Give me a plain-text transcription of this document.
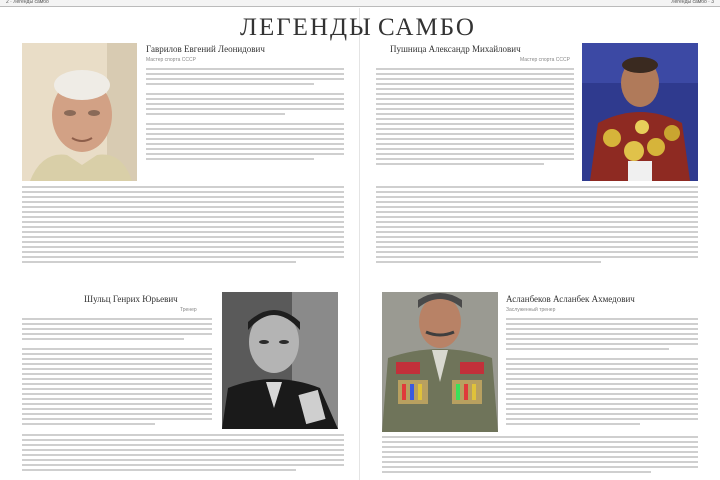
2 · Легенды самбо	Легенды самбо · 3
ЛЕГЕНДЫ САМБО
Гаврилов Евгений Леонидович
Мастер спорта СССР
Пушница Александр Михайлович
Мастер спорта СССР
Шульц Генрих Юрьевич
Тренер
Асланбеков Асланбек Ахмедович
Заслуженный тренер
